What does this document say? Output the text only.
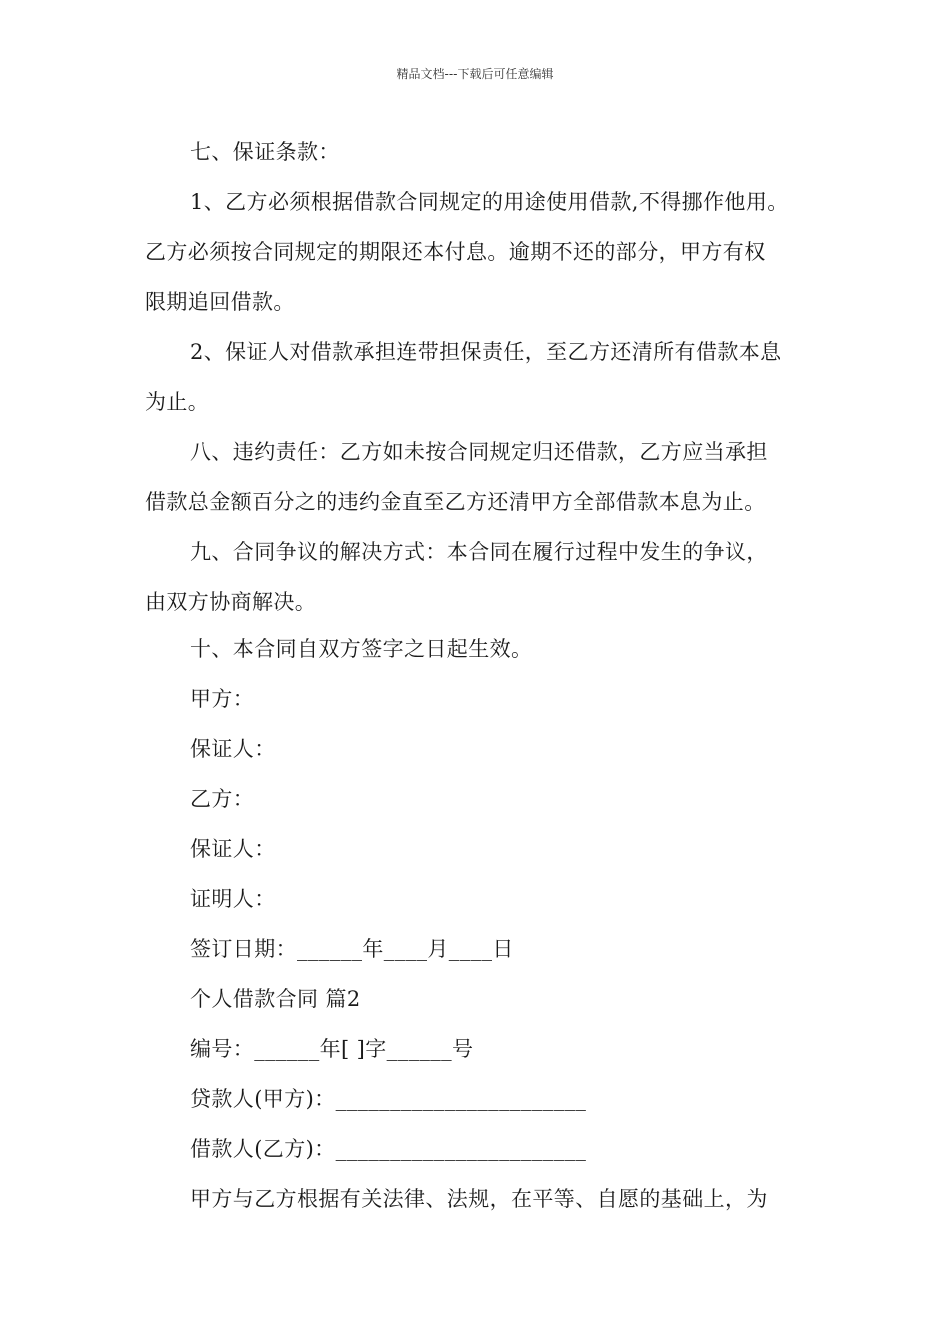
精品文档---下载后可任意编辑
七、保证条款：
1、乙方必须根据借款合同规定的用途使用借款,不得挪作他用。
乙方必须按合同规定的期限还本付息。逾期不还的部分，甲方有权
限期追回借款。
2、保证人对借款承担连带担保责任，至乙方还清所有借款本息
为止。
八、违约责任：乙方如未按合同规定归还借款，乙方应当承担
借款总金额百分之的违约金直至乙方还清甲方全部借款本息为止。
九、合同争议的解决方式：本合同在履行过程中发生的争议，
由双方协商解决。
十、本合同自双方签字之日起生效。
甲方：
保证人：
乙方：
保证人：
证明人：
签订日期：______年____月____日
个人借款合同 篇2
编号：______年[ ]字______号
贷款人(甲方)：_______________________
借款人(乙方)：_______________________
甲方与乙方根据有关法律、法规，在平等、自愿的基础上，为
